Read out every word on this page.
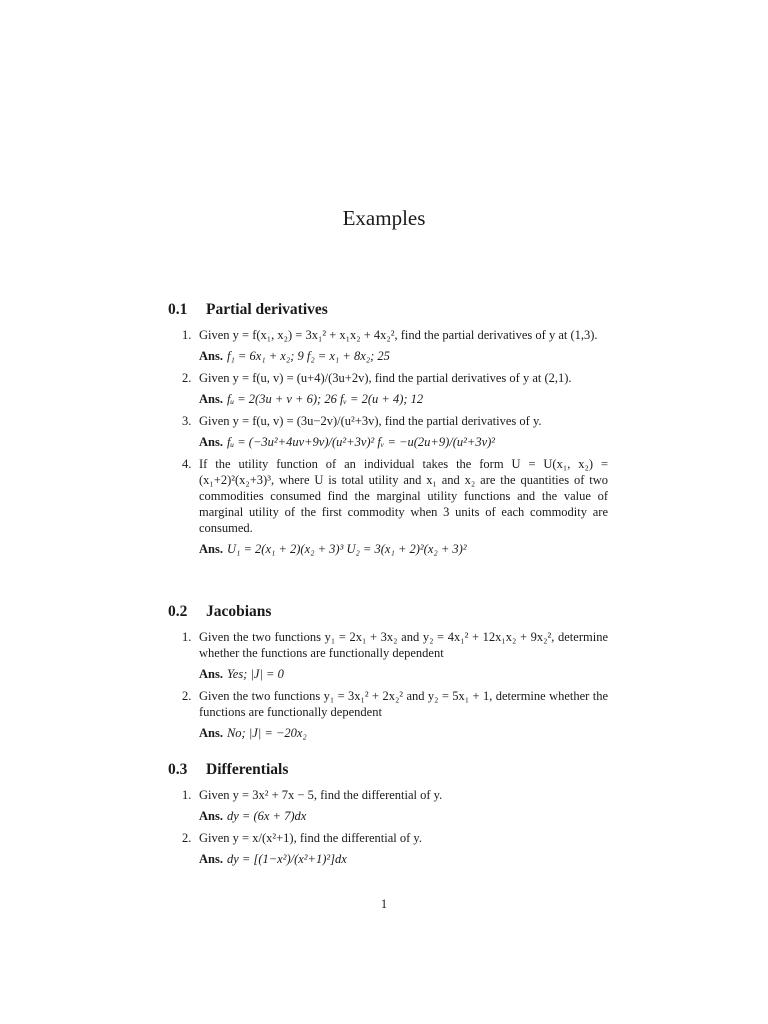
Examples
0.1 Partial derivatives
1. Given y = f(x₁, x₂) = 3x₁² + x₁x₂ + 4x₂², find the partial derivatives of y at (1,3).

Ans. f₁ = 6x₁ + x₂; 9 f₂ = x₁ + 8x₂; 25

2. Given y = f(u, v) = (u+4)/(3u+2v), find the partial derivatives of y at (2,1).

Ans. fᵤ = 2(3u + v + 6); 26 fᵥ = 2(u + 4); 12

3. Given y = f(u, v) = (3u−2v)/(u²+3v), find the partial derivatives of y.

Ans. fᵤ = (−3u²+4uv+9v)/(u²+3v)² fᵥ = −u(2u+9)/(u²+3v)²

4. If the utility function of an individual takes the form U = U(x₁, x₂) = (x₁+2)²(x₂+3)³, where U is total utility and x₁ and x₂ are the quantities of two commodities consumed find the marginal utility functions and the value of marginal utility of the first commodity when 3 units of each commodity are consumed.

Ans. U₁ = 2(x₁ + 2)(x₂ + 3)³ U₂ = 3(x₁ + 2)²(x₂ + 3)²

0.2 Jacobians
1. Given the two functions y₁ = 2x₁ + 3x₂ and y₂ = 4x₁² + 12x₁x₂ + 9x₂², determine whether the functions are functionally dependent

Ans. Yes; |J| = 0

2. Given the two functions y₁ = 3x₁² + 2x₂² and y₂ = 5x₁ + 1, determine whether the functions are functionally dependent

Ans. No; |J| = −20x₂

0.3 Differentials
1. Given y = 3x² + 7x − 5, find the differential of y.

Ans. dy = (6x + 7)dx

2. Given y = x/(x²+1), find the differential of y.

Ans. dy = [(1−x²)/(x²+1)²]dx

1
